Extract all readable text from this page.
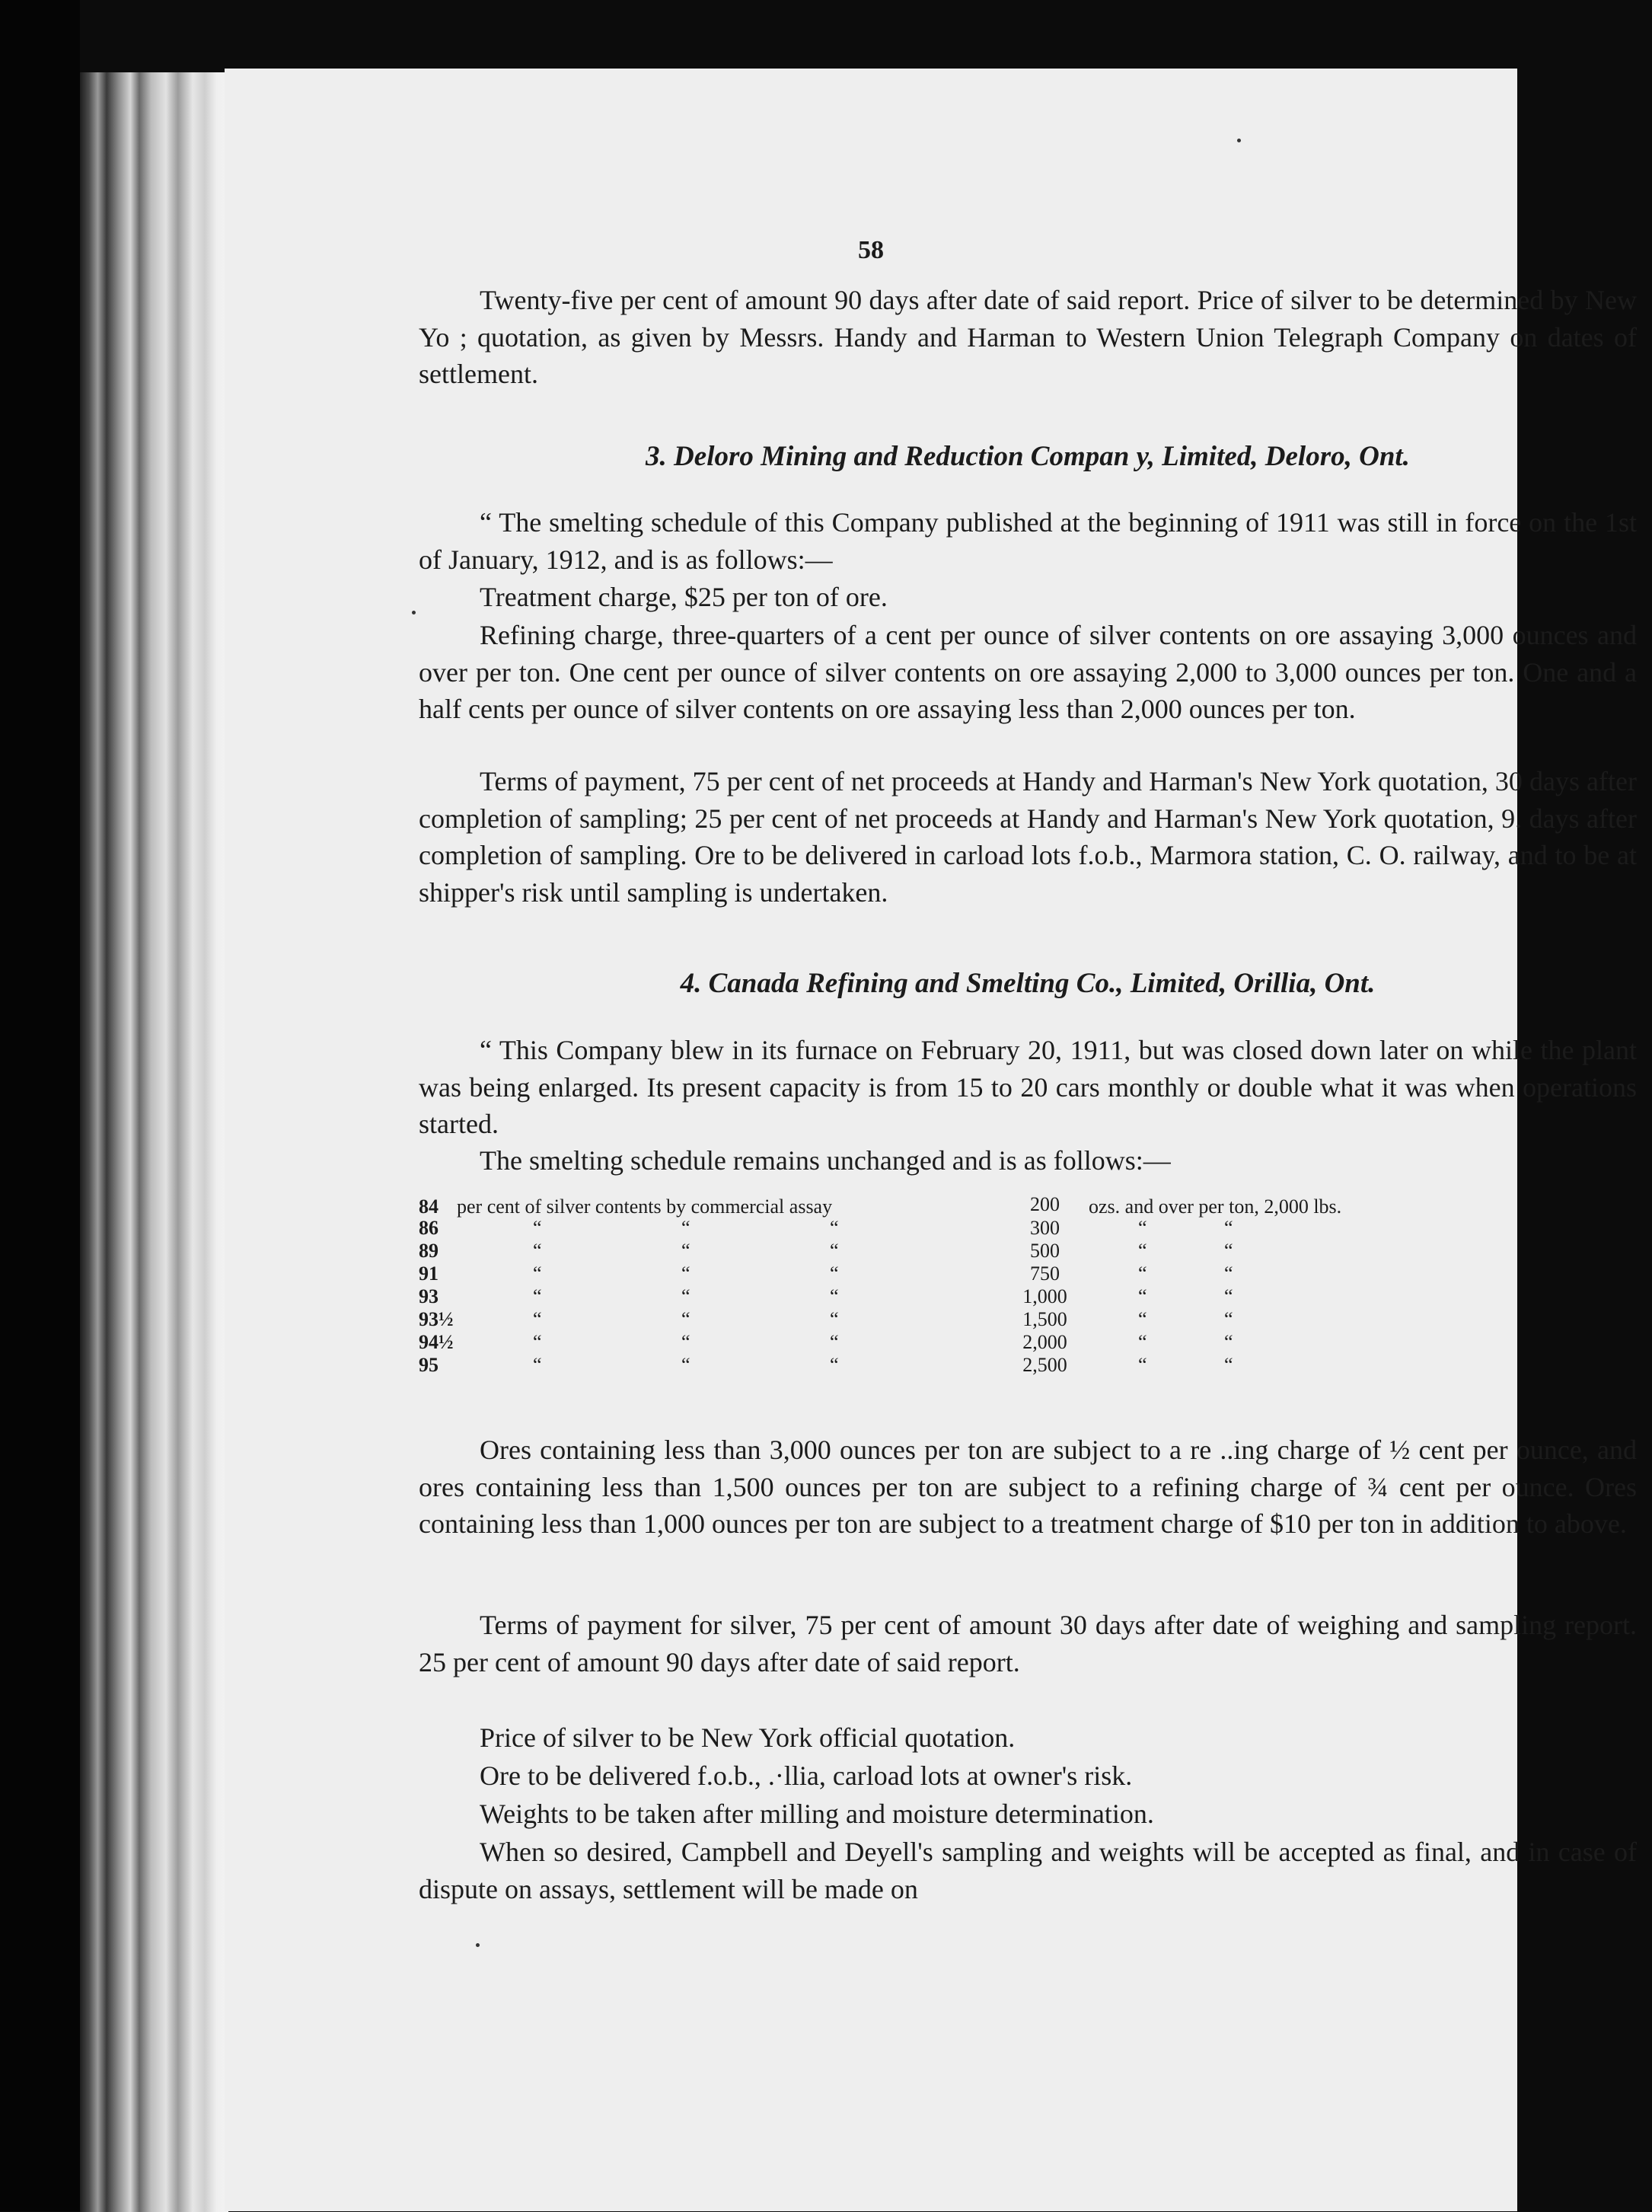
58

Twenty-five per cent of amount 90 days after date of said report. Price of silver to be determined by New Yo ; quotation, as given by Messrs. Handy and Harman to Western Union Telegraph Company on dates of settlement.

3. Deloro Mining and Reduction Compan y, Limited, Deloro, Ont.

“ The smelting schedule of this Company published at the beginning of 1911 was still in force on the 1st of January, 1912, and is as follows:—

Treatment charge, $25 per ton of ore.

Refining charge, three-quarters of a cent per ounce of silver contents on ore assaying 3,000 ounces and over per ton. One cent per ounce of silver contents on ore assaying 2,000 to 3,000 ounces per ton. One and a half cents per ounce of silver contents on ore assaying less than 2,000 ounces per ton.

Terms of payment, 75 per cent of net proceeds at Handy and Harman's New York quotation, 30 days after completion of sampling; 25 per cent of net proceeds at Handy and Harman's New York quotation, 9. days after completion of sampling. Ore to be delivered in carload lots f.o.b., Marmora station, C. O. railway, and to be at shipper's risk until sampling is undertaken.

4. Canada Refining and Smelting Co., Limited, Orillia, Ont.

“ This Company blew in its furnace on February 20, 1911, but was closed down later on while the plant was being enlarged. Its present capacity is from 15 to 20 cars monthly or double what it was when operations started.

The smelting schedule remains unchanged and is as follows:—

84 per cent of silver contents by commercial assay	200	ozs. and over per ton, 2,000 lbs.
86	“	“	“	300	“	“
89	“	“	“	500	“	“
91	“	“	“	750	“	“
93	“	“	“	1,000	“	“
93½	“	“	“	1,500	“	“
94½	“	“	“	2,000	“	“
95	“	“	“	2,500	“	“

Ores containing less than 3,000 ounces per ton are subject to a re ..ing charge of ½ cent per ounce, and ores containing less than 1,500 ounces per ton are subject to a refining charge of ¾ cent per ounce. Ores containing less than 1,000 ounces per ton are subject to a treatment charge of $10 per ton in addition to above.

Terms of payment for silver, 75 per cent of amount 30 days after date of weighing and sampling report. 25 per cent of amount 90 days after date of said report.

Price of silver to be New York official quotation.

Ore to be delivered f.o.b., .·llia, carload lots at owner's risk.

Weights to be taken after milling and moisture determination.

When so desired, Campbell and Deyell's sampling and weights will be accepted as final, and in case of dispute on assays, settlement will be made on
